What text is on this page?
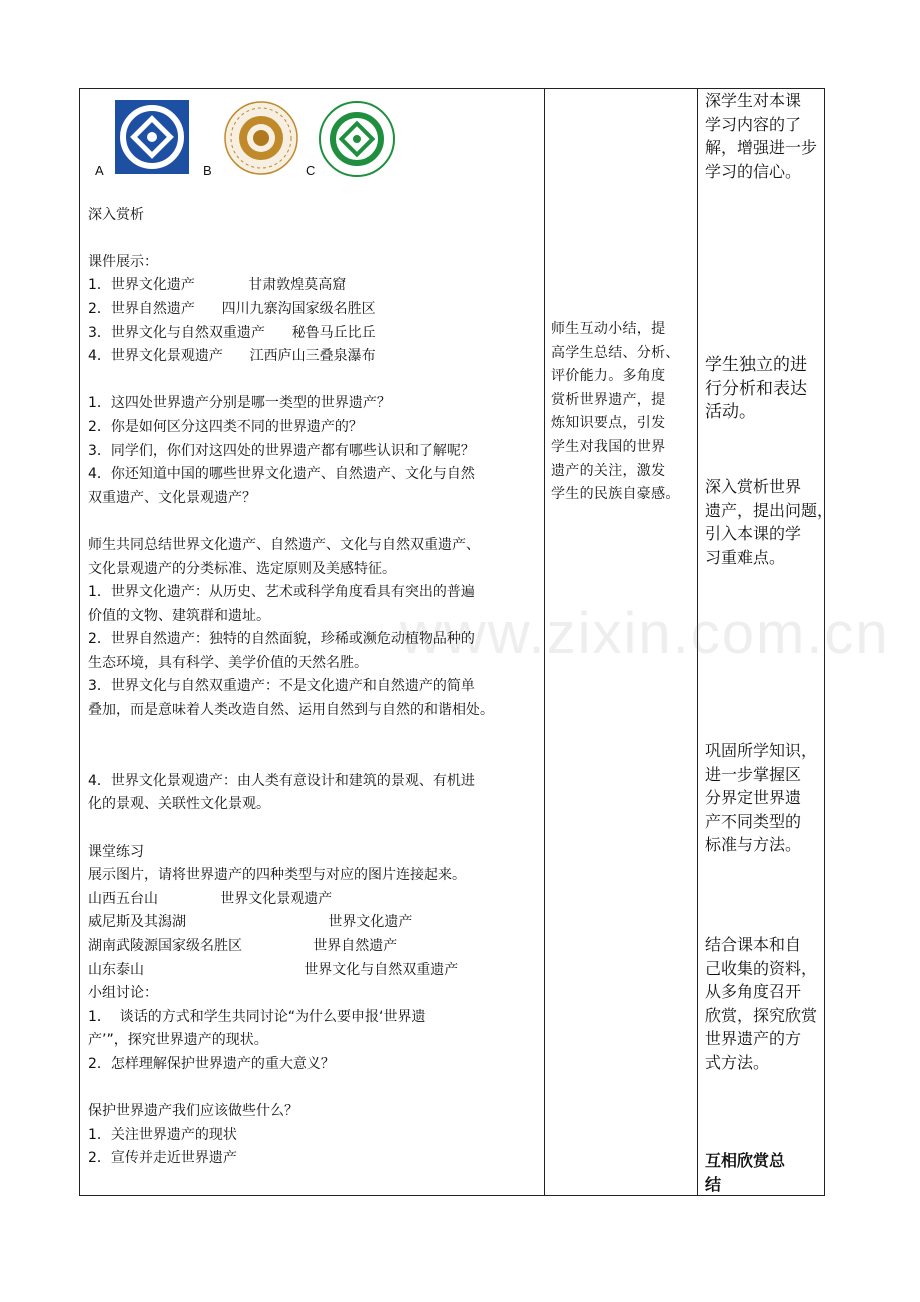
www.zixin.com.cn
A	B	C
深入赏析
课件展示：
1．世界文化遗产            甘肃敦煌莫高窟
2．世界自然遗产      四川九寨沟国家级名胜区
3．世界文化与自然双重遗产      秘鲁马丘比丘
4．世界文化景观遗产      江西庐山三叠泉瀑布
1．这四处世界遗产分别是哪一类型的世界遗产？
2．你是如何区分这四类不同的世界遗产的？
3．同学们，你们对这四处的世界遗产都有哪些认识和了解呢？
4．你还知道中国的哪些世界文化遗产、自然遗产、文化与自然
双重遗产、文化景观遗产？
师生共同总结世界文化遗产、自然遗产、文化与自然双重遗产、
文化景观遗产的分类标准、选定原则及美感特征。
1．世界文化遗产：从历史、艺术或科学角度看具有突出的普遍
价值的文物、建筑群和遗址。
2．世界自然遗产：独特的自然面貌，珍稀或濒危动植物品种的
生态环境，具有科学、美学价值的天然名胜。
3．世界文化与自然双重遗产：不是文化遗产和自然遗产的简单
叠加，而是意味着人类改造自然、运用自然到与自然的和谐相处。
4．世界文化景观遗产：由人类有意设计和建筑的景观、有机进
化的景观、关联性文化景观。
课堂练习
展示图片，请将世界遗产的四种类型与对应的图片连接起来。
山西五台山              世界文化景观遗产
威尼斯及其潟湖                                世界文化遗产
湖南武陵源国家级名胜区                世界自然遗产
山东泰山                                    世界文化与自然双重遗产
小组讨论：
1．  谈话的方式和学生共同讨论“为什么要申报‘世界遗
产’”，探究世界遗产的现状。
2．怎样理解保护世界遗产的重大意义？
保护世界遗产我们应该做些什么？
1．关注世界遗产的现状
2．宣传并走近世界遗产
师生互动小结，提
高学生总结、分析、
评价能力。多角度
赏析世界遗产，提
炼知识要点，引发
学生对我国的世界
遗产的关注，激发
学生的民族自豪感。
深学生对本课
学习内容的了
解，增强进一步
学习的信心。
学生独立的进
行分析和表达
活动。
深入赏析世界
遗产，提出问题，
引入本课的学
习重难点。
巩固所学知识，
进一步掌握区
分界定世界遗
产不同类型的
标准与方法。
结合课本和自
己收集的资料，
从多角度召开
欣赏，探究欣赏
世界遗产的方
式方法。
互相欣赏总
结
